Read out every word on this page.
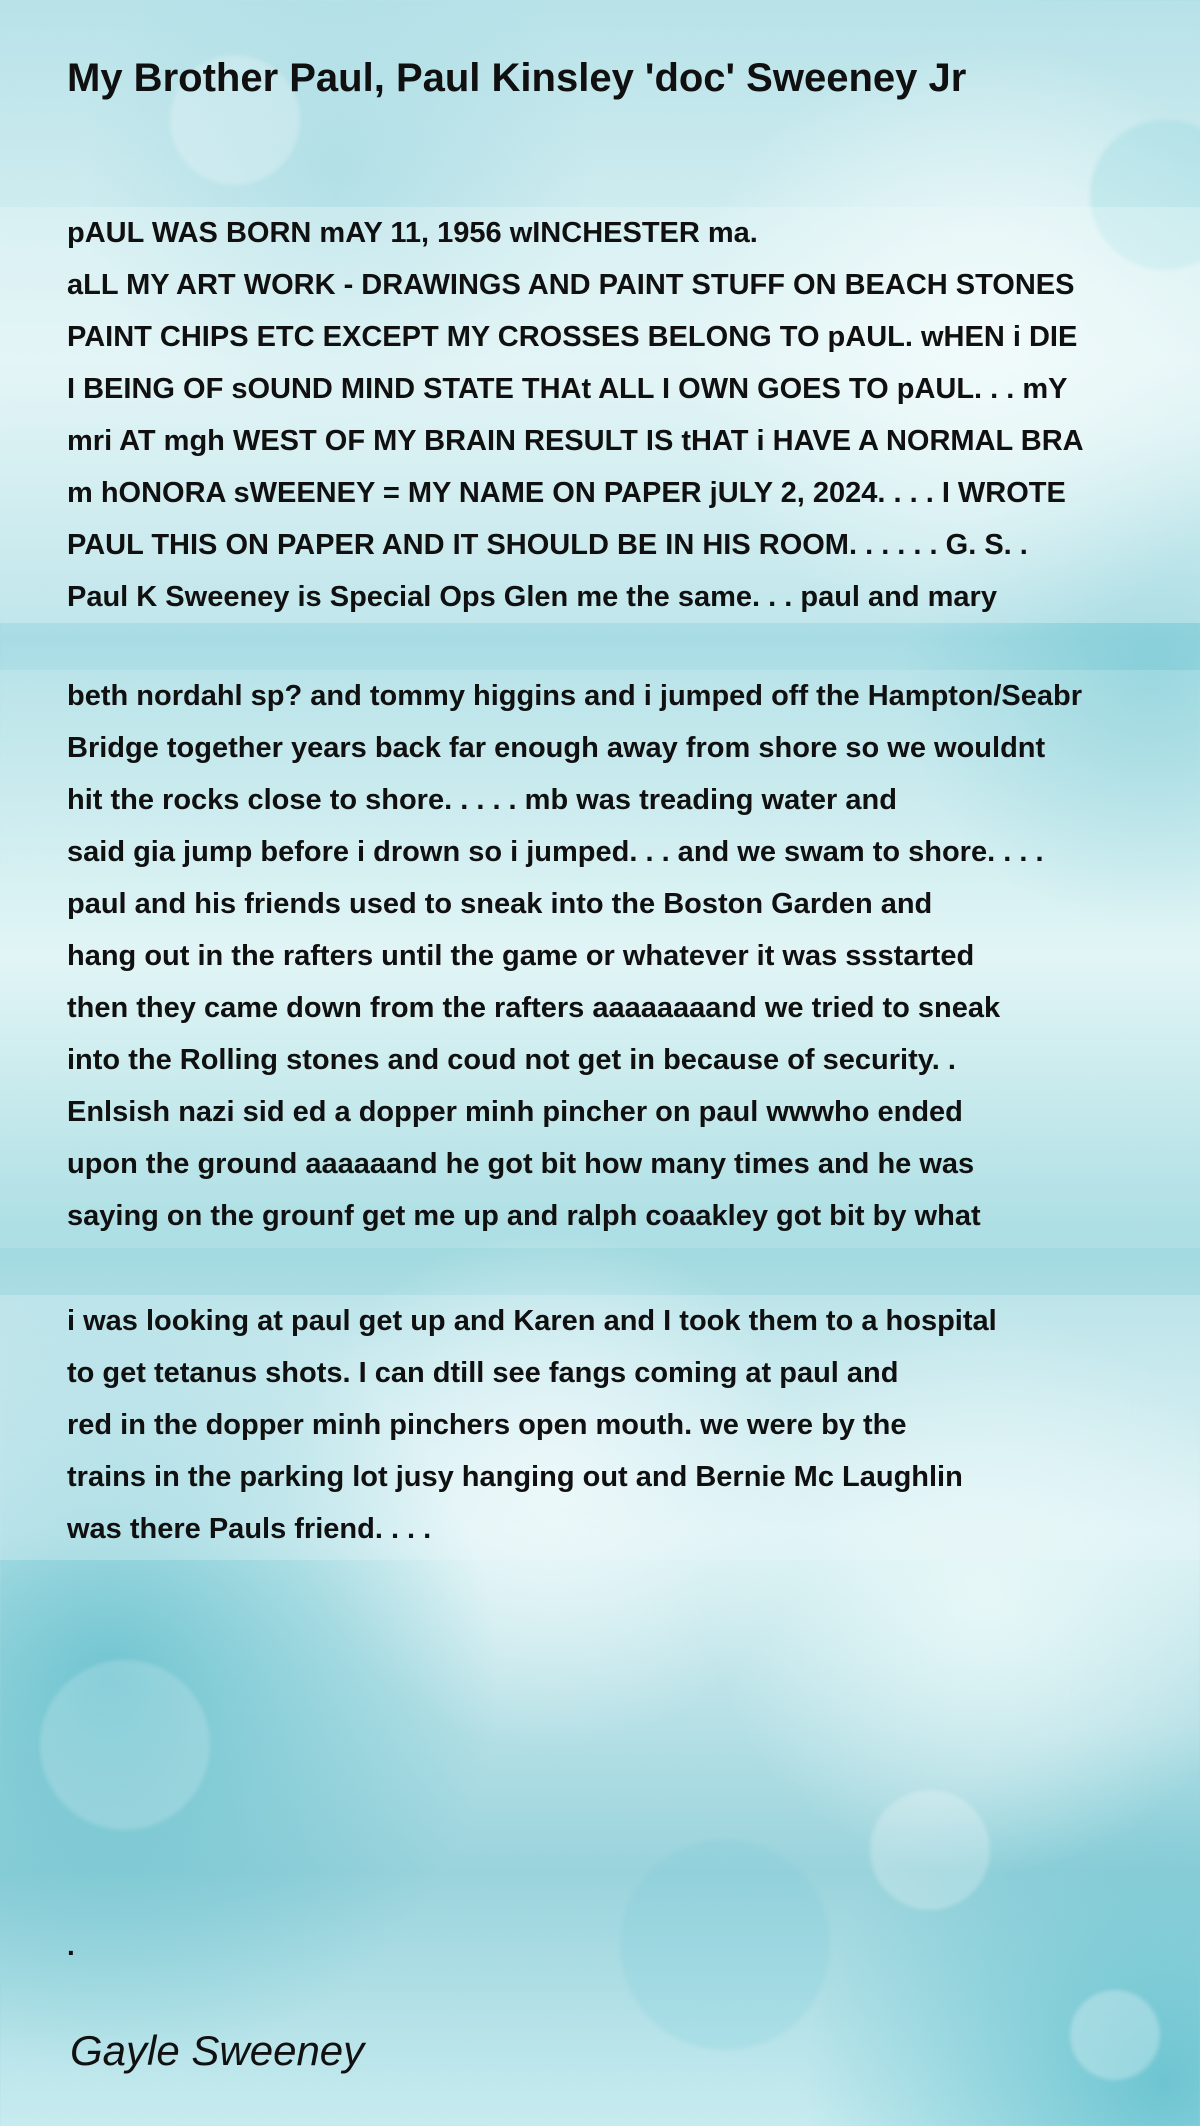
My Brother Paul, Paul Kinsley 'doc' Sweeney Jr
pAUL WAS BORN mAY 11, 1956 wINCHESTER ma.
aLL MY ART WORK - DRAWINGS AND PAINT STUFF ON BEACH STONES
PAINT CHIPS ETC EXCEPT MY CROSSES BELONG TO pAUL. wHEN i DIE
I BEING OF sOUND MIND STATE THAt ALL I OWN GOES TO pAUL. . . mY
mri AT mgh WEST OF MY BRAIN RESULT IS tHAT i HAVE A NORMAL BRA
m hONORA sWEENEY = MY NAME ON PAPER jULY 2, 2024. . . . I WROTE
PAUL THIS ON PAPER AND IT SHOULD BE IN HIS ROOM. . . . . . G. S. .
Paul K Sweeney is Special Ops Glen me the same. . . paul and mary
beth nordahl sp? and tommy higgins and i jumped off the Hampton/Seabr
Bridge together years back far enough away from shore so we wouldnt
hit the rocks close to shore. . . . . mb was treading water and
said gia jump before i drown so i jumped. . . and we swam to shore. . . .
paul and his friends used to sneak into the Boston Garden and
hang out in the rafters until the game or whatever it was ssstarted
then they came down from the rafters aaaaaaaand we tried to sneak
into the Rolling stones and coud not get in because of security. .
Enlsish nazi sid ed a dopper minh pincher on paul wwwho ended
upon the ground aaaaaand he got bit how many times and he was
saying on the grounf get me up and ralph coaakley got bit by what
i was looking at paul get up and Karen and I took them to a hospital
to get tetanus shots. I can dtill see fangs coming at paul and
red in the dopper minh pinchers open mouth. we were by the
trains in the parking lot jusy hanging out and Bernie Mc Laughlin
was there Pauls friend. . . .

.

Gayle Sweeney
